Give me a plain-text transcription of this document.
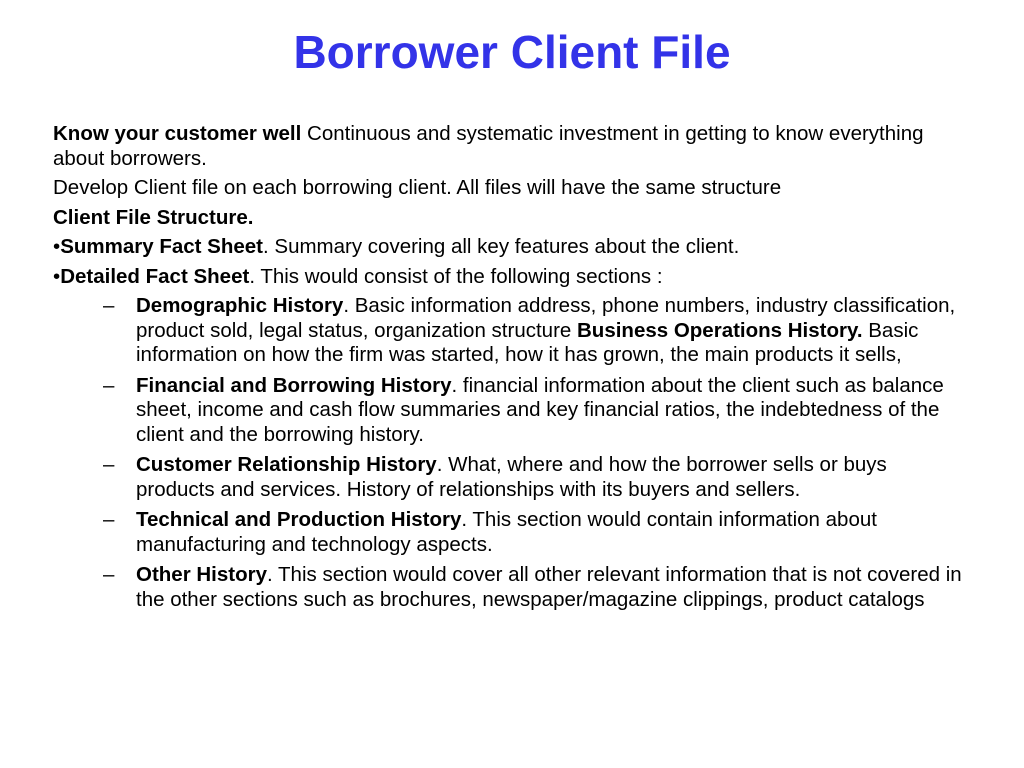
Borrower Client File

Know your customer well Continuous and systematic investment in getting to know everything about borrowers.

Develop Client file on each borrowing client. All files will have the same structure

Client File Structure.

•Summary Fact Sheet. Summary covering all key features about the client.

•Detailed Fact Sheet. This would consist of the following sections :

– Demographic History. Basic information address, phone numbers, industry classification, product sold, legal status, organization structure Business Operations History. Basic information on how the firm was started, how it has grown, the main products it sells,
– Financial and Borrowing History. financial information about the client such as balance sheet, income and cash flow summaries and key financial ratios, the indebtedness of the client and the borrowing history.
– Customer Relationship History. What, where and how the borrower sells or buys products and services. History of relationships with its buyers and sellers.
– Technical and Production History. This section would contain information about manufacturing and technology aspects.
– Other History. This section would cover all other relevant information that is not covered in the other sections such as brochures, newspaper/magazine clippings, product catalogs
